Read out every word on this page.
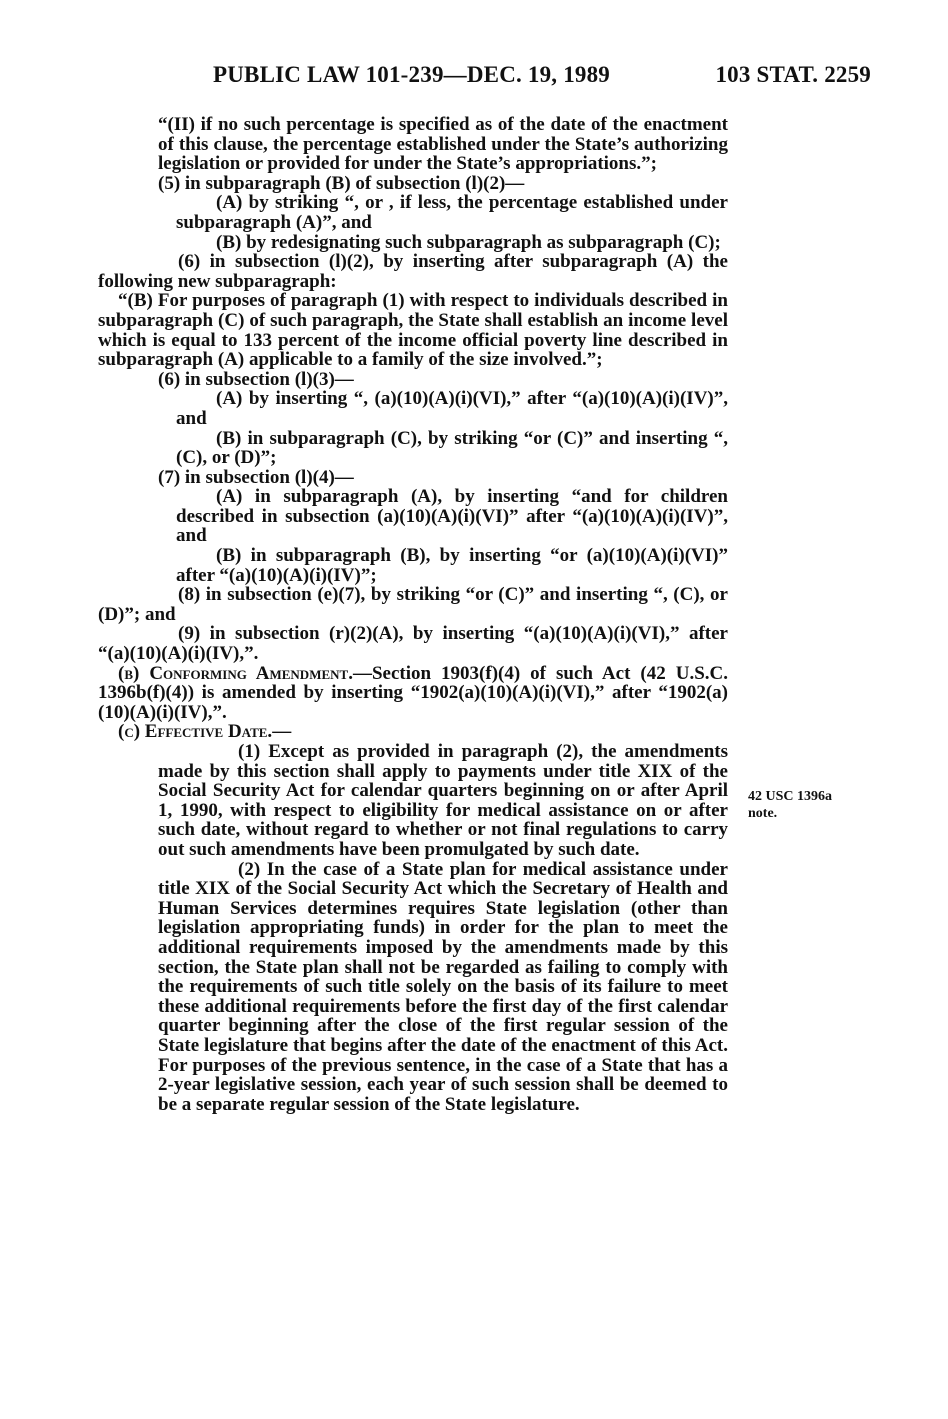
PUBLIC LAW 101-239—DEC. 19, 1989	103 STAT. 2259

“(II) if no such percentage is specified as of the date of the enactment of this clause, the percentage established under the State’s authorizing legislation or provided for under the State’s appropriations.”;

(5) in subparagraph (B) of subsection (l)(2)—

(A) by striking “, or , if less, the percentage established under subparagraph (A)”, and

(B) by redesignating such subparagraph as subparagraph (C);

(6) in subsection (l)(2), by inserting after subparagraph (A) the following new subparagraph:

“(B) For purposes of paragraph (1) with respect to individuals described in subparagraph (C) of such paragraph, the State shall establish an income level which is equal to 133 percent of the income official poverty line described in subparagraph (A) applicable to a family of the size involved.”;

(6) in subsection (l)(3)—

(A) by inserting “, (a)(10)(A)(i)(VI),” after “(a)(10)(A)(i)(IV)”, and

(B) in subparagraph (C), by striking “or (C)” and inserting “, (C), or (D)”;

(7) in subsection (l)(4)—

(A) in subparagraph (A), by inserting “and for children described in subsection (a)(10)(A)(i)(VI)” after “(a)(10)(A)(i)(IV)”, and

(B) in subparagraph (B), by inserting “or (a)(10)(A)(i)(VI)” after “(a)(10)(A)(i)(IV)”;

(8) in subsection (e)(7), by striking “or (C)” and inserting “, (C), or (D)”; and

(9) in subsection (r)(2)(A), by inserting “(a)(10)(A)(i)(VI),” after “(a)(10)(A)(i)(IV),”.

(b) Conforming Amendment.—Section 1903(f)(4) of such Act (42 U.S.C. 1396b(f)(4)) is amended by inserting “1902(a)(10)(A)(i)(VI),” after “1902(a)(10)(A)(i)(IV),”.

(c) Effective Date.—

(1) Except as provided in paragraph (2), the amendments made by this section shall apply to payments under title XIX of the Social Security Act for calendar quarters beginning on or after April 1, 1990, with respect to eligibility for medical assistance on or after such date, without regard to whether or not final regulations to carry out such amendments have been promulgated by such date.

(2) In the case of a State plan for medical assistance under title XIX of the Social Security Act which the Secretary of Health and Human Services determines requires State legislation (other than legislation appropriating funds) in order for the plan to meet the additional requirements imposed by the amendments made by this section, the State plan shall not be regarded as failing to comply with the requirements of such title solely on the basis of its failure to meet these additional requirements before the first day of the first calendar quarter beginning after the close of the first regular session of the State legislature that begins after the date of the enactment of this Act. For purposes of the previous sentence, in the case of a State that has a 2-year legislative session, each year of such session shall be deemed to be a separate regular session of the State legislature.

42 USC 1396a
note.
